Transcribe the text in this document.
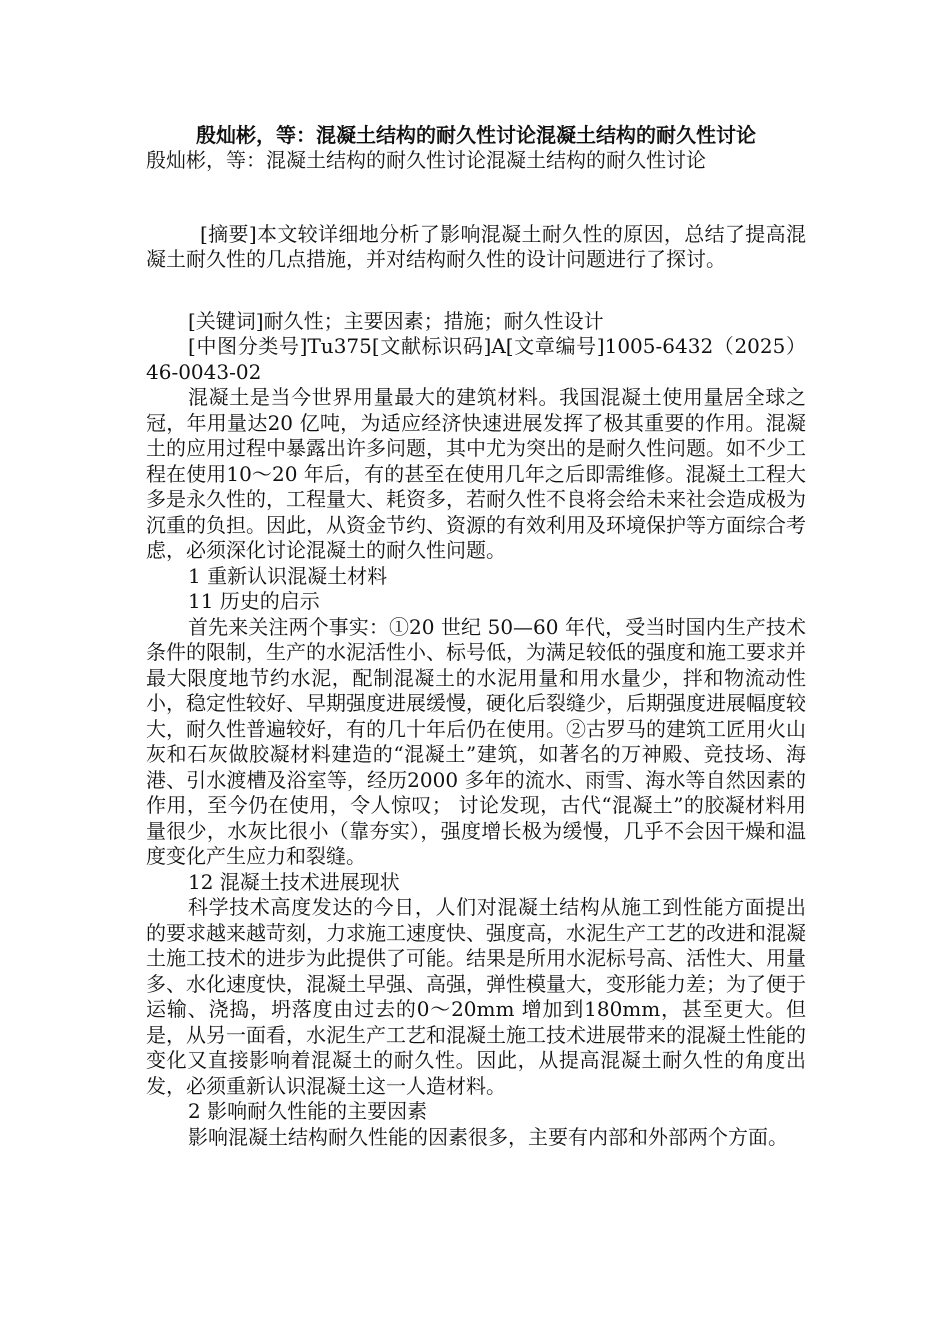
殷灿彬，等：混凝土结构的耐久性讨论混凝土结构的耐久性讨论

殷灿彬，等：混凝土结构的耐久性讨论混凝土结构的耐久性讨论

[摘要]本文较详细地分析了影响混凝土耐久性的原因，总结了提高混凝土耐久性的几点措施，并对结构耐久性的设计问题进行了探讨。

[关键词]耐久性；主要因素；措施；耐久性设计

[中图分类号]Tu375[文献标识码]A[文章编号]1005-6432（2025）46-0043-02

混凝土是当今世界用量最大的建筑材料。我国混凝土使用量居全球之冠，年用量达20 亿吨，为适应经济快速进展发挥了极其重要的作用。混凝土的应用过程中暴露出许多问题，其中尤为突出的是耐久性问题。如不少工程在使用10～20 年后，有的甚至在使用几年之后即需维修。混凝土工程大多是永久性的，工程量大、耗资多，若耐久性不良将会给未来社会造成极为沉重的负担。因此，从资金节约、资源的有效利用及环境保护等方面综合考虑，必须深化讨论混凝土的耐久性问题。

1 重新认识混凝土材料

11 历史的启示

首先来关注两个事实：①20 世纪 50—60 年代，受当时国内生产技术条件的限制，生产的水泥活性小、标号低，为满足较低的强度和施工要求并最大限度地节约水泥，配制混凝土的水泥用量和用水量少，拌和物流动性小，稳定性较好、早期强度进展缓慢，硬化后裂缝少，后期强度进展幅度较大，耐久性普遍较好，有的几十年后仍在使用。②古罗马的建筑工匠用火山灰和石灰做胶凝材料建造的“混凝土”建筑，如著名的万神殿、竞技场、海港、引水渡槽及浴室等，经历2000 多年的流水、雨雪、海水等自然因素的作用，至今仍在使用，令人惊叹； 讨论发现，古代“混凝土”的胶凝材料用量很少，水灰比很小（靠夯实），强度增长极为缓慢，几乎不会因干燥和温度变化产生应力和裂缝。

12 混凝土技术进展现状

科学技术高度发达的今日，人们对混凝土结构从施工到性能方面提出的要求越来越苛刻，力求施工速度快、强度高，水泥生产工艺的改进和混凝土施工技术的进步为此提供了可能。结果是所用水泥标号高、活性大、用量多、水化速度快，混凝土早强、高强，弹性模量大，变形能力差；为了便于运输、浇捣，坍落度由过去的0～20mm 增加到180mm，甚至更大。但是，从另一面看，水泥生产工艺和混凝土施工技术进展带来的混凝土性能的变化又直接影响着混凝土的耐久性。因此，从提高混凝土耐久性的角度出发，必须重新认识混凝土这一人造材料。

2 影响耐久性能的主要因素

影响混凝土结构耐久性能的因素很多，主要有内部和外部两个方面。
